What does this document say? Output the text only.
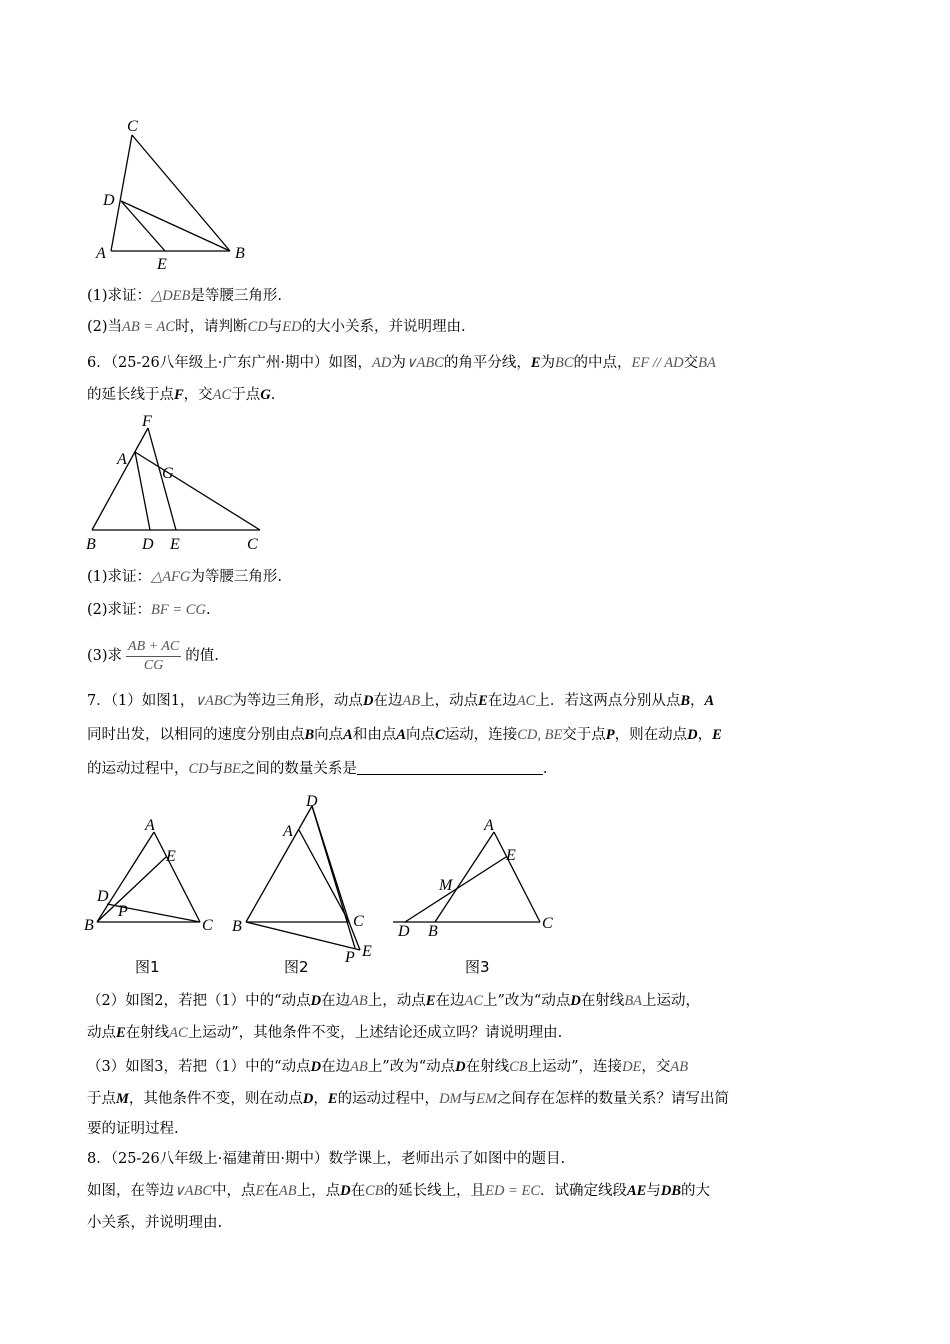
C
D
A
E
B
(1)求证：△DEB是等腰三角形.
(2)当AB = AC时，请判断CD与ED的大小关系，并说明理由.
6．（25-26八年级上·广东广州·期中）如图，AD为∨ABC的角平分线，E为BC的中点，EF // AD交BA
的延长线于点F，交AC于点G.
F
A
G
B	D E	C
(1)求证：△AFG为等腰三角形.
(2)求证：BF = CG.
(3)求 $\frac{AB + AC}{CG}$ 的值.
7．（1）如图1，∨ABC为等边三角形，动点D在边AB上，动点E在边AC上．若这两点分别从点B，A
同时出发，以相同的速度分别由点B向点A和由点A向点C运动，连接CD, BE交于点P，则在动点D，E
的运动过程中，CD与BE之间的数量关系是	.
A
E
D
P
B	C
图1
D
A
B	C
P E
图2
A
E
M
D B	C
图3
（2）如图2，若把（1）中的“动点D在边AB上，动点E在边AC上”改为“动点D在射线BA上运动，
动点E在射线AC上运动”，其他条件不变，上述结论还成立吗？请说明理由.
（3）如图3，若把（1）中的“动点D在边AB上”改为“动点D在射线CB上运动”，连接DE，交AB
于点M，其他条件不变，则在动点D，E的运动过程中，DM与EM之间存在怎样的数量关系？请写出简
要的证明过程.
8．（25-26八年级上·福建莆田·期中）数学课上，老师出示了如图中的题目.
如图，在等边∨ABC中，点E在AB上，点D在CB的延长线上，且ED = EC．试确定线段AE与DB的大
小关系，并说明理由.
